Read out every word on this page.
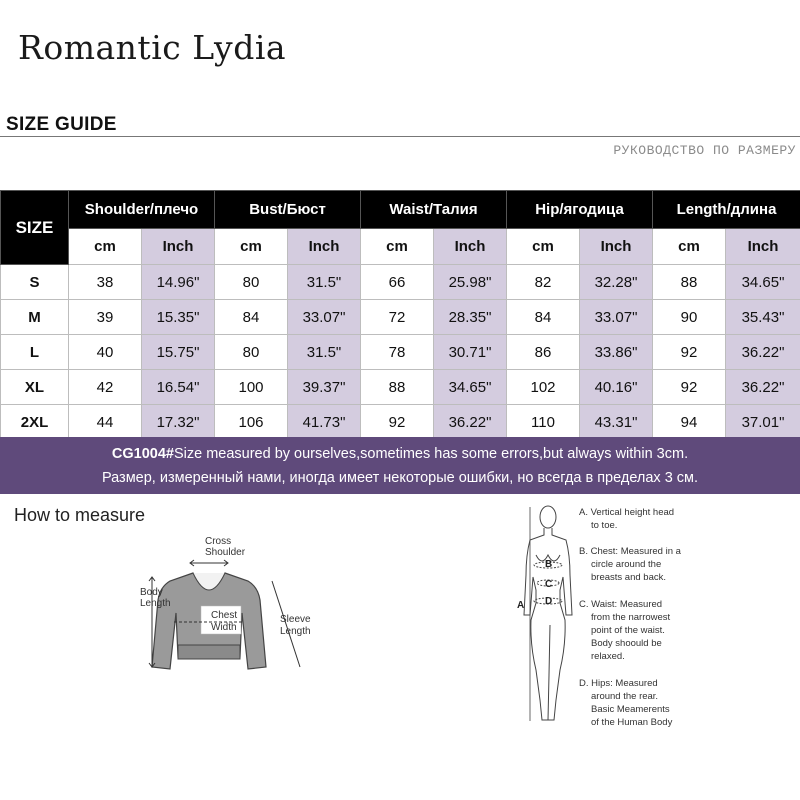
Romantic Lydia
SIZE GUIDE
РУКОВОДСТВО ПО РАЗМЕРУ
SIZE	Shoulder/плечо		Bust/Бюст		Waist/Талия		Hip/ягодица		Length/длина	
	cm	Inch	cm	Inch	cm	Inch	cm	Inch	cm	Inch
S	38	14.96"	80	31.5"	66	25.98"	82	32.28"	88	34.65"
M	39	15.35"	84	33.07"	72	28.35"	84	33.07"	90	35.43"
L	40	15.75"	80	31.5"	78	30.71"	86	33.86"	92	36.22"
XL	42	16.54"	100	39.37"	88	34.65"	102	40.16"	92	36.22"
2XL	44	17.32"	106	41.73"	92	36.22"	110	43.31"	94	37.01"
CG1004#Size measured by ourselves,sometimes has some errors,but always within 3cm.
Размер, измеренный нами, иногда имеет некоторые ошибки, но всегда в пределах 3 см.
How to measure
Cross
Shoulder
Body
Length
Chest
Width
Sleeve
Length
B
C
D
A
A. Vertical height head
to toe.
B. Chest: Measured in a
circle around the
breasts and back.
C. Waist: Measured
from the narrowest
point of the waist.
Body shoould be
relaxed.
D. Hips: Measured
around the rear.
Basic Meamerents
of the Human Body
